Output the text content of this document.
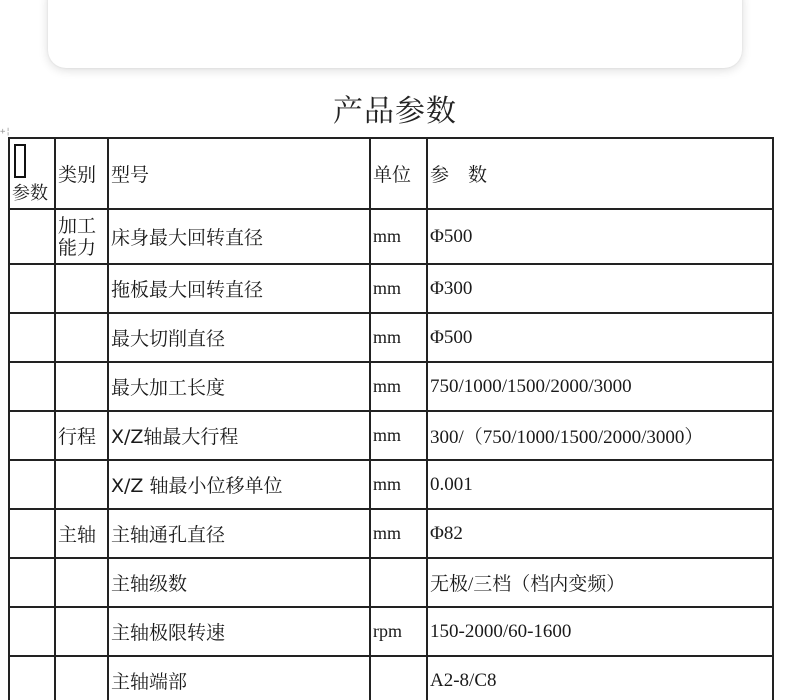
产品参数
+¦
参数	类别	型号	单位	参　数

	加工能力	床身最大回转直径	mm	Φ500
		拖板最大回转直径	mm	Φ300
		最大切削直径	mm	Φ500
		最大加工长度	mm	750/1000/1500/2000/3000
	行程	X/Z轴最大行程	mm	300/（750/1000/1500/2000/3000）
		X/Z 轴最小位移单位	mm	0.001
	主轴	主轴通孔直径	mm	Φ82
		主轴级数		无极/三档（档内变频）
		主轴极限转速	rpm	150-2000/60-1600
		主轴端部		A2-8/C8
